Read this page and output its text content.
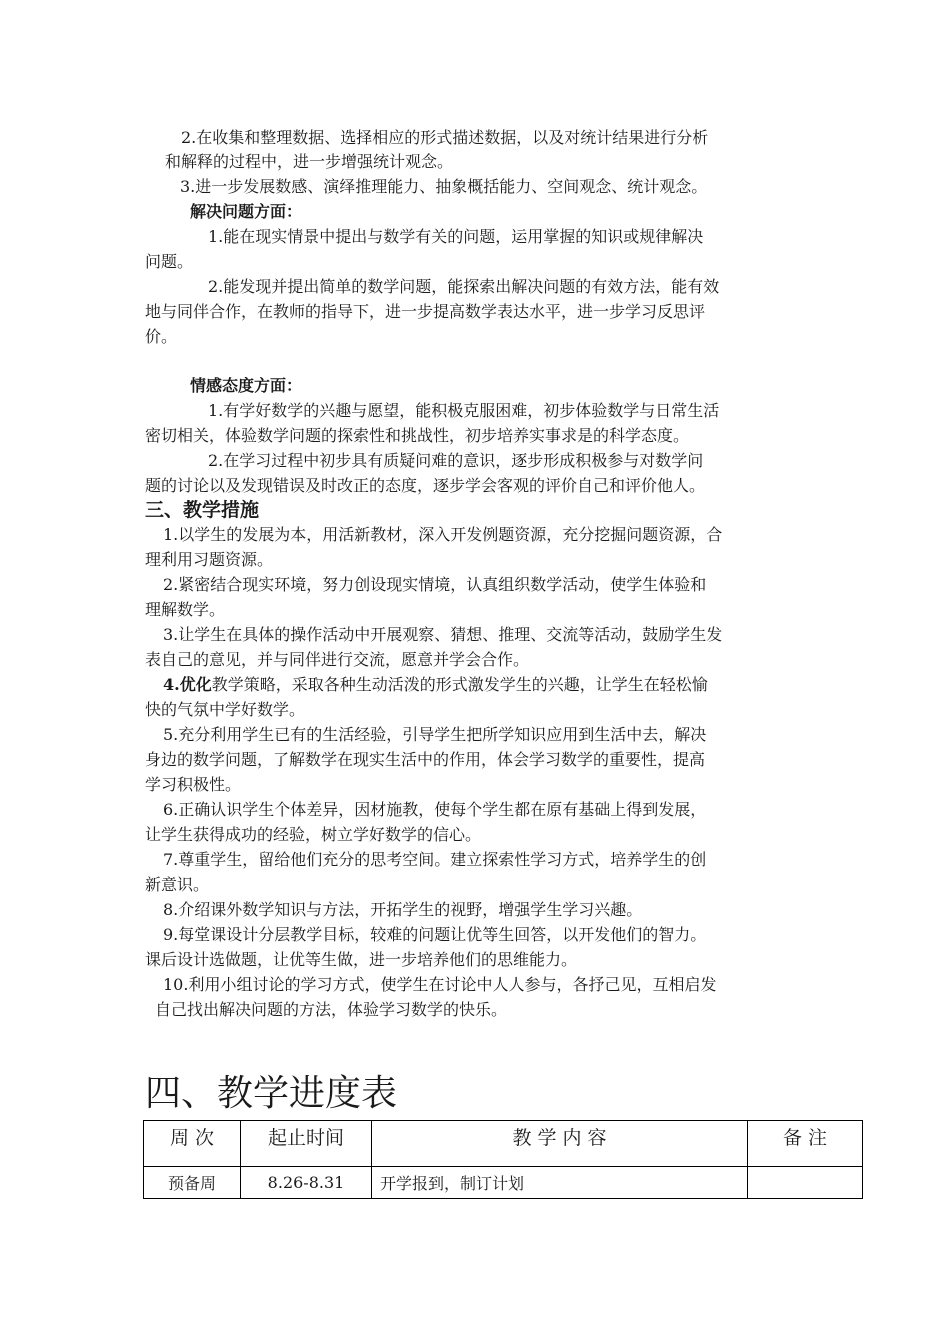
2.在收集和整理数据、选择相应的形式描述数据，以及对统计结果进行分析
和解释的过程中，进一步增强统计观念。
3.进一步发展数感、演绎推理能力、抽象概括能力、空间观念、统计观念。
解决问题方面：
1.能在现实情景中提出与数学有关的问题，运用掌握的知识或规律解决
问题。
2.能发现并提出简单的数学问题，能探索出解决问题的有效方法，能有效
地与同伴合作，在教师的指导下，进一步提高数学表达水平，进一步学习反思评
价。
情感态度方面：
1.有学好数学的兴趣与愿望，能积极克服困难，初步体验数学与日常生活
密切相关，体验数学问题的探索性和挑战性，初步培养实事求是的科学态度。
2.在学习过程中初步具有质疑问难的意识，逐步形成积极参与对数学问
题的讨论以及发现错误及时改正的态度，逐步学会客观的评价自己和评价他人。
三、教学措施
1.以学生的发展为本，用活新教材，深入开发例题资源，充分挖掘问题资源，合
理利用习题资源。
2.紧密结合现实环境，努力创设现实情境，认真组织数学活动，使学生体验和
理解数学。
3.让学生在具体的操作活动中开展观察、猜想、推理、交流等活动，鼓励学生发
表自己的意见，并与同伴进行交流，愿意并学会合作。
4.优化教学策略，采取各种生动活泼的形式激发学生的兴趣，让学生在轻松愉
快的气氛中学好数学。
5.充分利用学生已有的生活经验，引导学生把所学知识应用到生活中去，解决
身边的数学问题，了解数学在现实生活中的作用，体会学习数学的重要性，提高
学习积极性。
6.正确认识学生个体差异，因材施教，使每个学生都在原有基础上得到发展，
让学生获得成功的经验，树立学好数学的信心。
7.尊重学生，留给他们充分的思考空间。建立探索性学习方式，培养学生的创
新意识。
8.介绍课外数学知识与方法，开拓学生的视野，增强学生学习兴趣。
9.每堂课设计分层教学目标，较难的问题让优等生回答，以开发他们的智力。
课后设计选做题，让优等生做，进一步培养他们的思维能力。
10.利用小组讨论的学习方式，使学生在讨论中人人参与，各抒己见，互相启发
自己找出解决问题的方法，体验学习数学的快乐。
四、教学进度表
周 次	起止时间	教 学 内 容	备 注
预备周	8.26-8.31	开学报到，制订计划	
